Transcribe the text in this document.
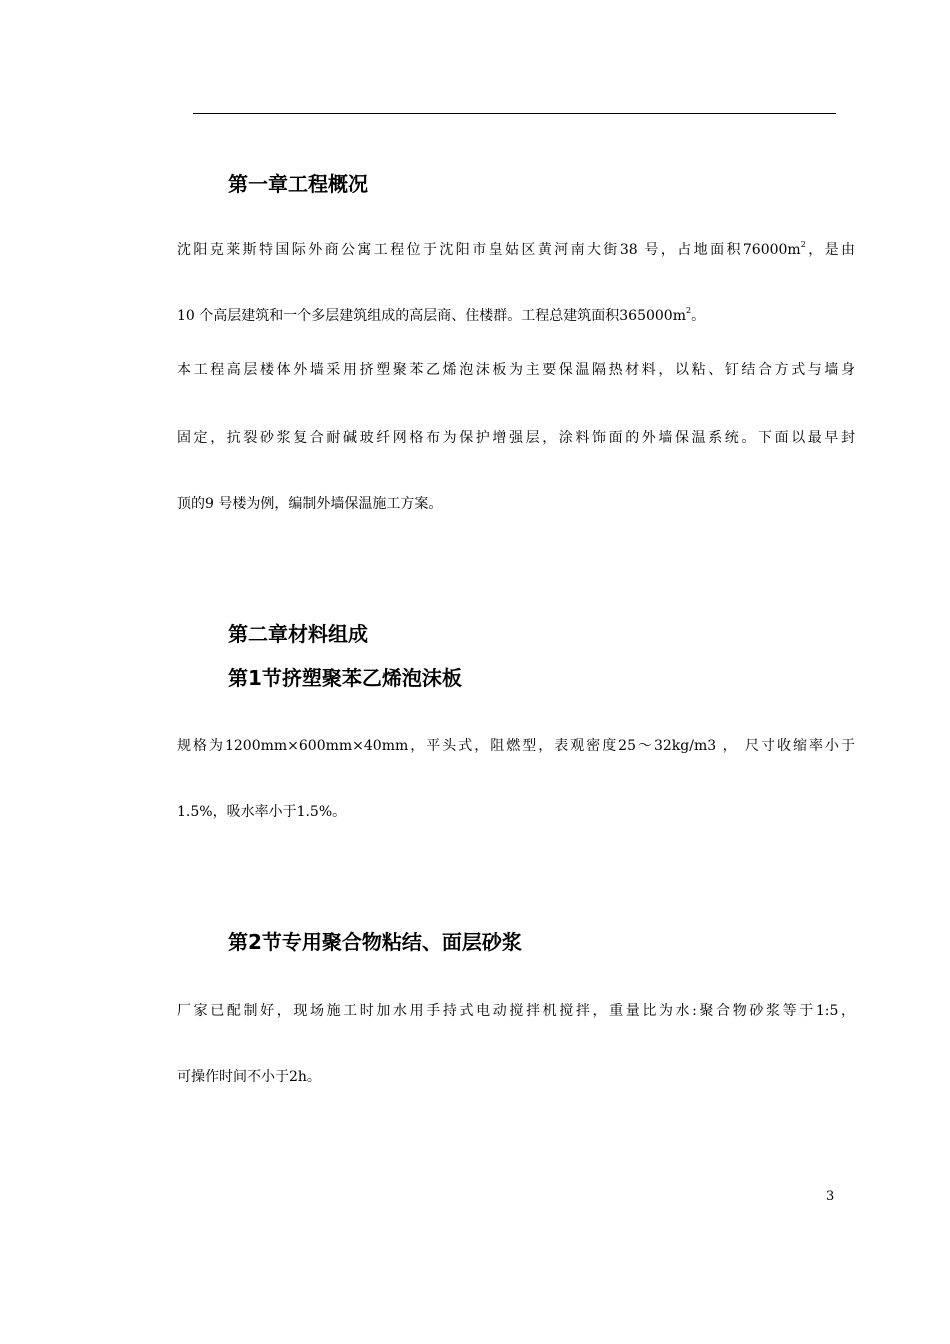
第一章工程概况

沈阳克莱斯特国际外商公寓工程位于沈阳市皇姑区黄河南大街38 号，占地面积$76000m^2$，是由

10 个高层建筑和一个多层建筑组成的高层商、住楼群。工程总建筑面积$365000m^2$。

本工程高层楼体外墙采用挤塑聚苯乙烯泡沫板为主要保温隔热材料，以粘、钉结合方式与墙身

固定，抗裂砂浆复合耐碱玻纤网格布为保护增强层，涂料饰面的外墙保温系统。下面以最早封

顶的9 号楼为例，编制外墙保温施工方案。

第二章材料组成
第1节挤塑聚苯乙烯泡沫板

规格为1200mm×600mm×40mm，平头式，阻燃型，表观密度25～32kg/m3 ， 尺寸收缩率小于

1.5%，吸水率小于1.5%。

第2节专用聚合物粘结、面层砂浆

厂家已配制好，现场施工时加水用手持式电动搅拌机搅拌，重量比为水:聚合物砂浆等于1:5，

可操作时间不小于2h。

3
